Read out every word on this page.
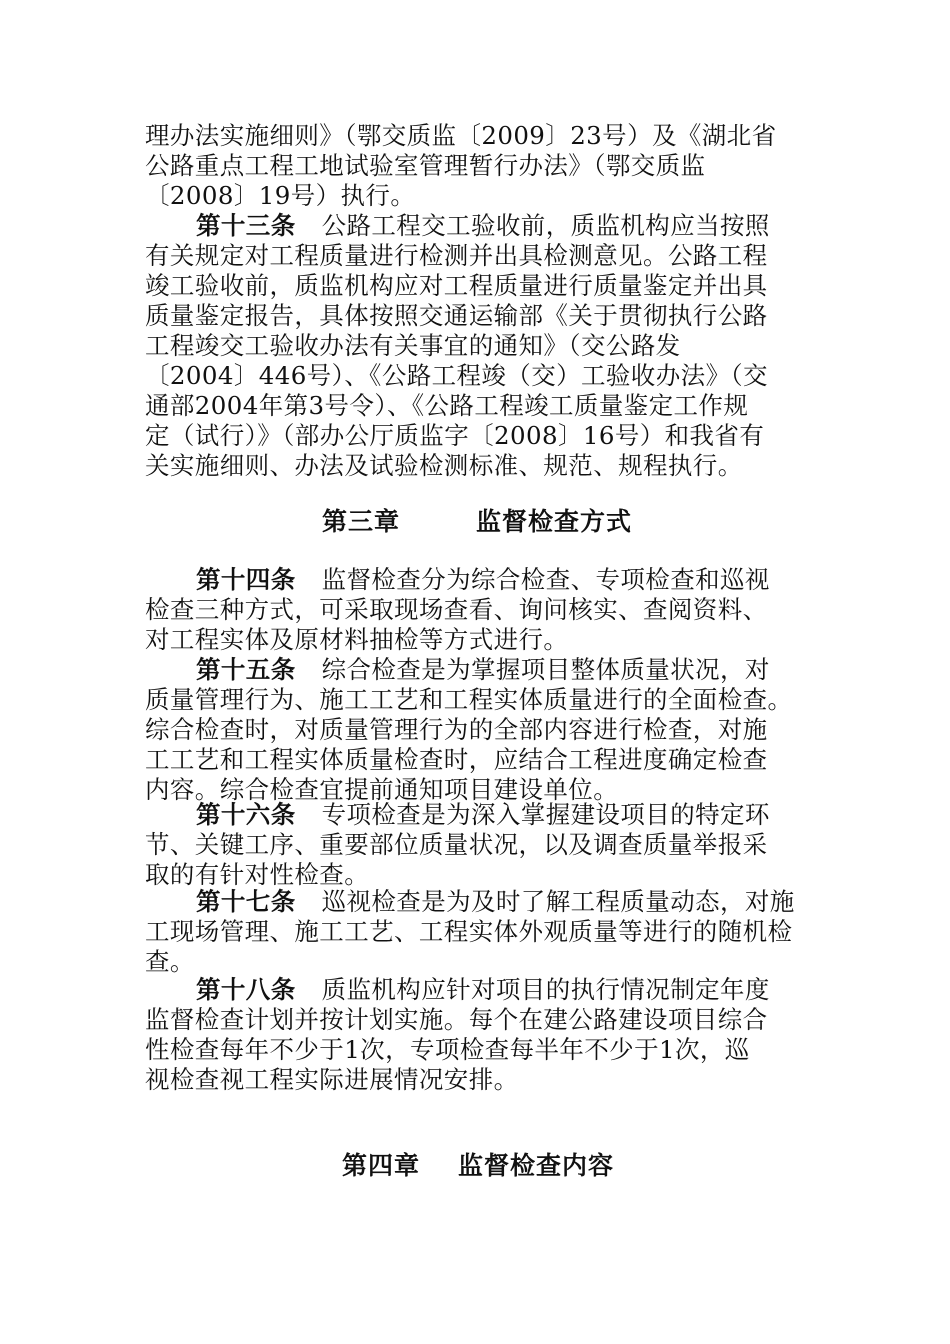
理办法实施细则》（鄂交质监〔2009〕23号）及《湖北省
公路重点工程工地试验室管理暂行办法》（鄂交质监
〔2008〕19号）执行。
第十三条 公路工程交工验收前，质监机构应当按照
有关规定对工程质量进行检测并出具检测意见。公路工程
竣工验收前，质监机构应对工程质量进行质量鉴定并出具
质量鉴定报告，具体按照交通运输部《关于贯彻执行公路
工程竣交工验收办法有关事宜的通知》（交公路发
〔2004〕446号）、《公路工程竣（交）工验收办法》（交
通部2004年第3号令）、《公路工程竣工质量鉴定工作规
定（试行）》（部办公厅质监字〔2008〕16号）和我省有
关实施细则、办法及试验检测标准、规范、规程执行。
第三章	监督检查方式
第十四条 监督检查分为综合检查、专项检查和巡视
检查三种方式，可采取现场查看、询问核实、查阅资料、
对工程实体及原材料抽检等方式进行。
第十五条 综合检查是为掌握项目整体质量状况，对
质量管理行为、施工工艺和工程实体质量进行的全面检查。
综合检查时，对质量管理行为的全部内容进行检查，对施
工工艺和工程实体质量检查时，应结合工程进度确定检查
内容。综合检查宜提前通知项目建设单位。
第十六条 专项检查是为深入掌握建设项目的特定环
节、关键工序、重要部位质量状况，以及调查质量举报采
取的有针对性检查。
第十七条 巡视检查是为及时了解工程质量动态，对施
工现场管理、施工工艺、工程实体外观质量等进行的随机检
查。
第十八条 质监机构应针对项目的执行情况制定年度
监督检查计划并按计划实施。每个在建公路建设项目综合
性检查每年不少于1次，专项检查每半年不少于1次，巡
视检查视工程实际进展情况安排。
第四章 监督检查内容
